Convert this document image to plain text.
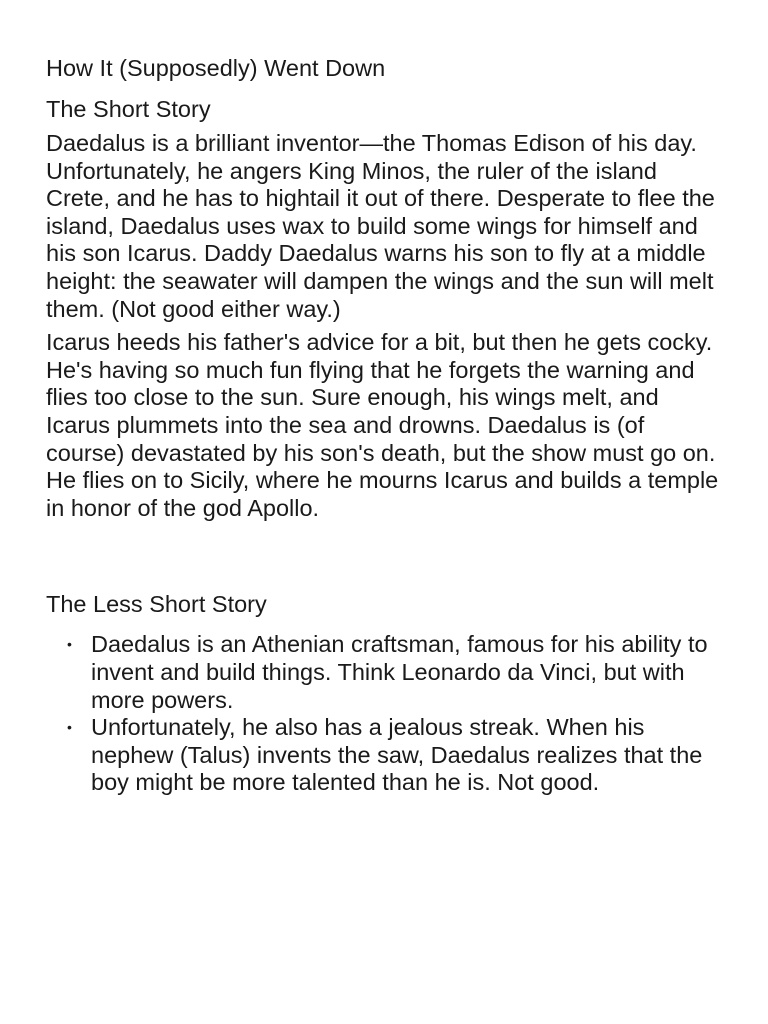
How It (Supposedly) Went Down
The Short Story

Daedalus is a brilliant inventor—the Thomas Edison of his day. Unfortunately, he angers King Minos, the ruler of the island Crete, and he has to hightail it out of there. Desperate to flee the island, Daedalus uses wax to build some wings for himself and his son Icarus. Daddy Daedalus warns his son to fly at a middle height: the seawater will dampen the wings and the sun will melt them. (Not good either way.)

Icarus heeds his father's advice for a bit, but then he gets cocky. He's having so much fun flying that he forgets the warning and flies too close to the sun. Sure enough, his wings melt, and Icarus plummets into the sea and drowns. Daedalus is (of course) devastated by his son's death, but the show must go on. He flies on to Sicily, where he mourns Icarus and builds a temple in honor of the god Apollo.

The Less Short Story
• Daedalus is an Athenian craftsman, famous for his ability to invent and build things. Think Leonardo da Vinci, but with more powers.
• Unfortunately, he also has a jealous streak. When his nephew (Talus) invents the saw, Daedalus realizes that the boy might be more talented than he is. Not good.
